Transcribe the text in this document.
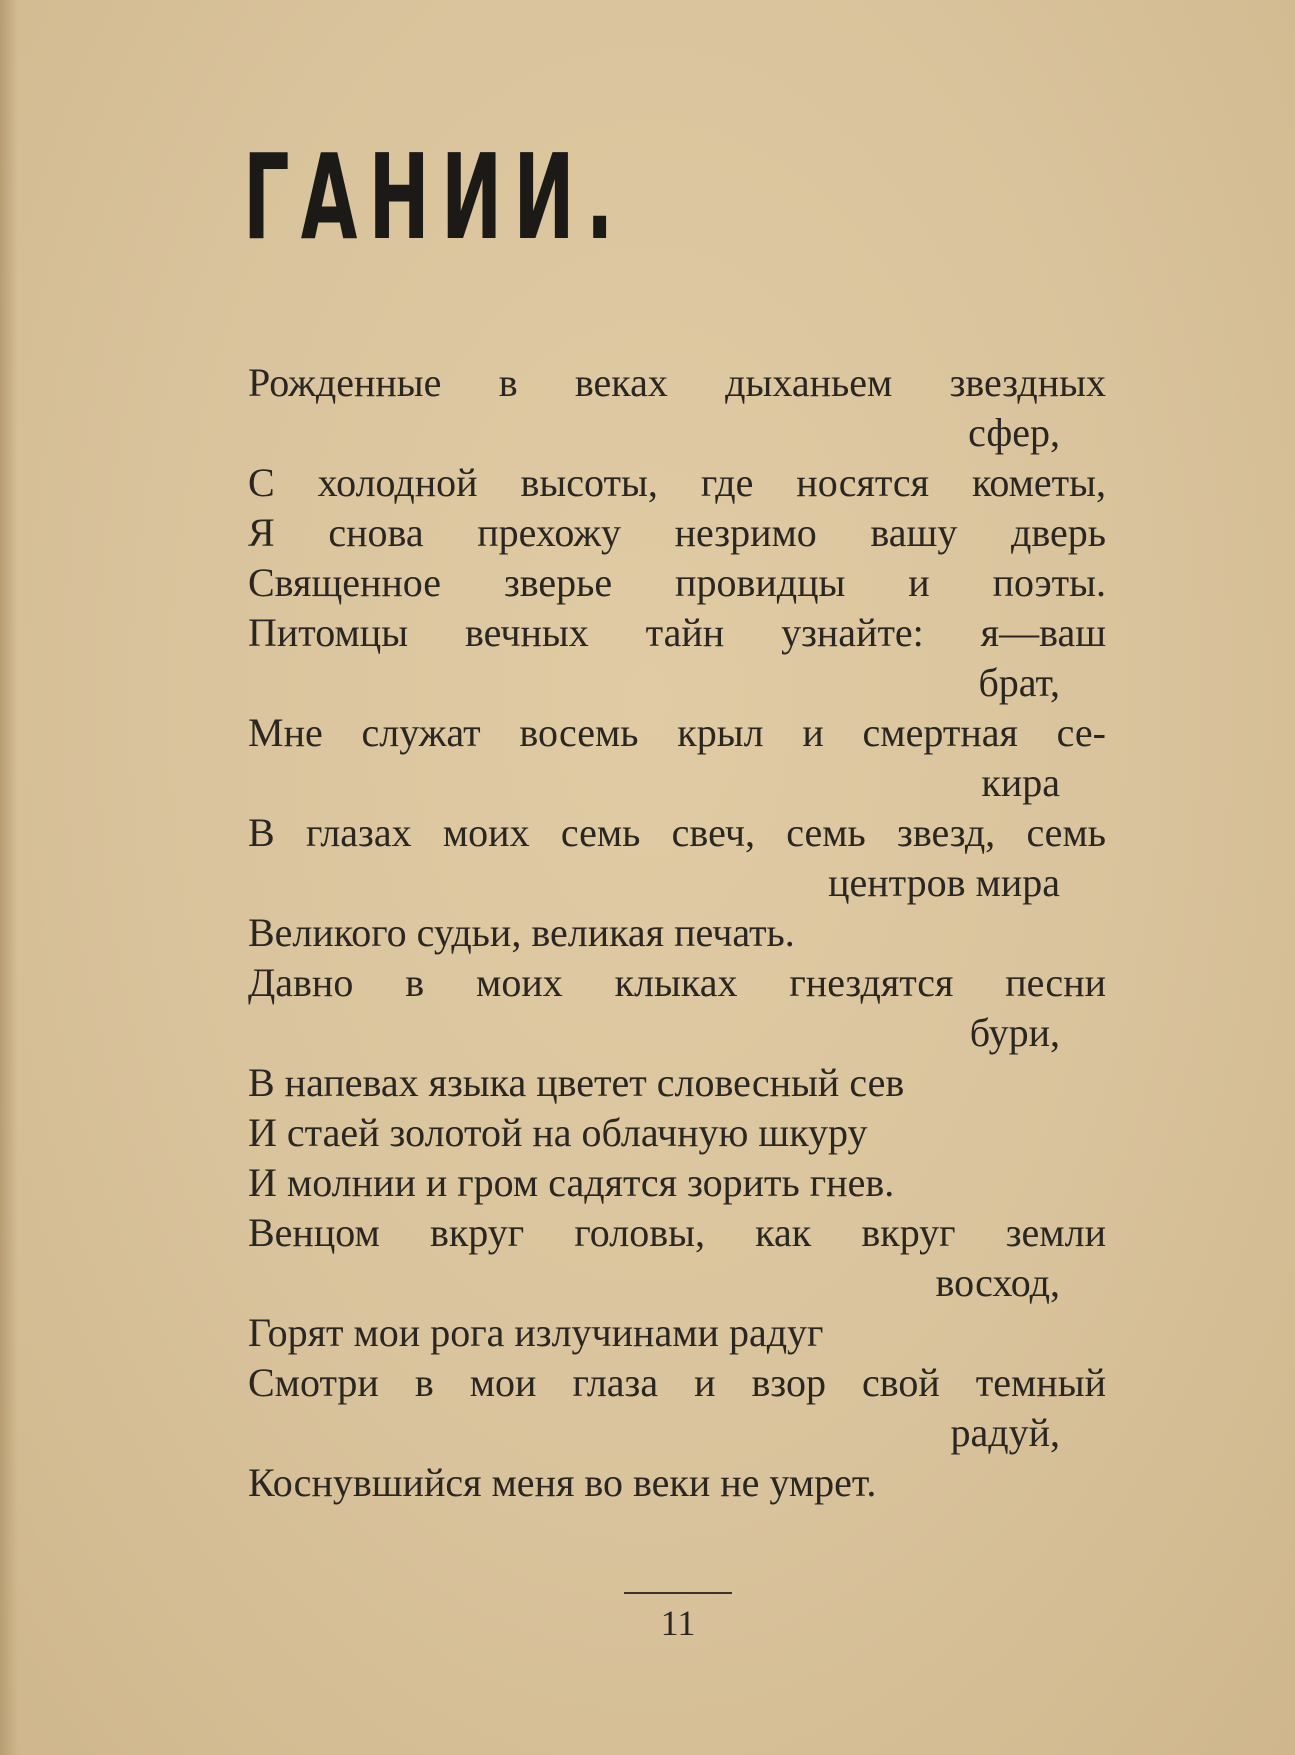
ГАНИИ.
Рожденные в веках дыханьем звездных
сфер,
С холодной высоты, где носятся кометы,
Я снова прехожу незримо вашу дверь
Священное зверье провидцы и поэты.
Питомцы вечных тайн узнайте: я—ваш
брат,
Мне служат восемь крыл и смертная се-
кира
В глазах моих семь свеч, семь звезд, семь
центров мира
Великого судьи, великая печать.
Давно в моих клыках гнездятся песни
бури,
В напевах языка цветет словесный сев
И стаей золотой на облачную шкуру
И молнии и гром садятся зорить гнев.
Венцом вкруг головы, как вкруг земли
восход,
Горят мои рога излучинами радуг
Смотри в мои глаза и взор свой темный
радуй,
Коснувшийся меня во веки не умрет.
11
